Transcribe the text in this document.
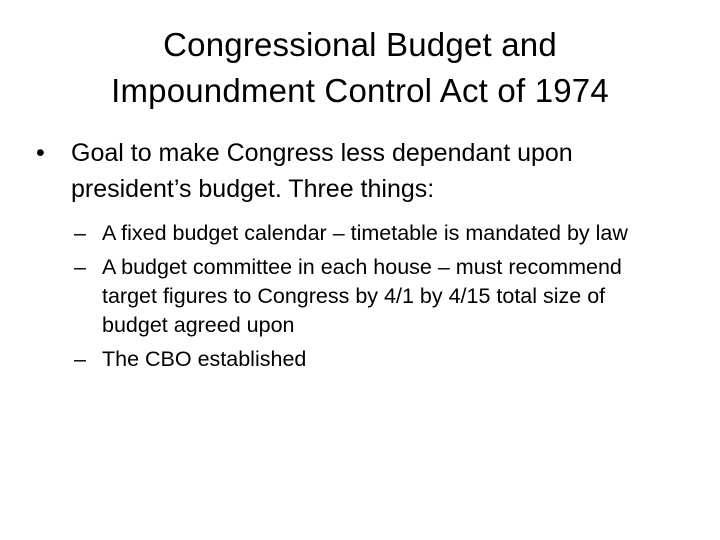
Congressional Budget and
Impoundment Control Act of 1974
•	Goal to make Congress less dependant upon president’s budget. Three things:
– A fixed budget calendar – timetable is mandated by law
– A budget committee in each house – must recommend target figures to Congress by 4/1 by 4/15 total size of budget agreed upon
– The CBO established
